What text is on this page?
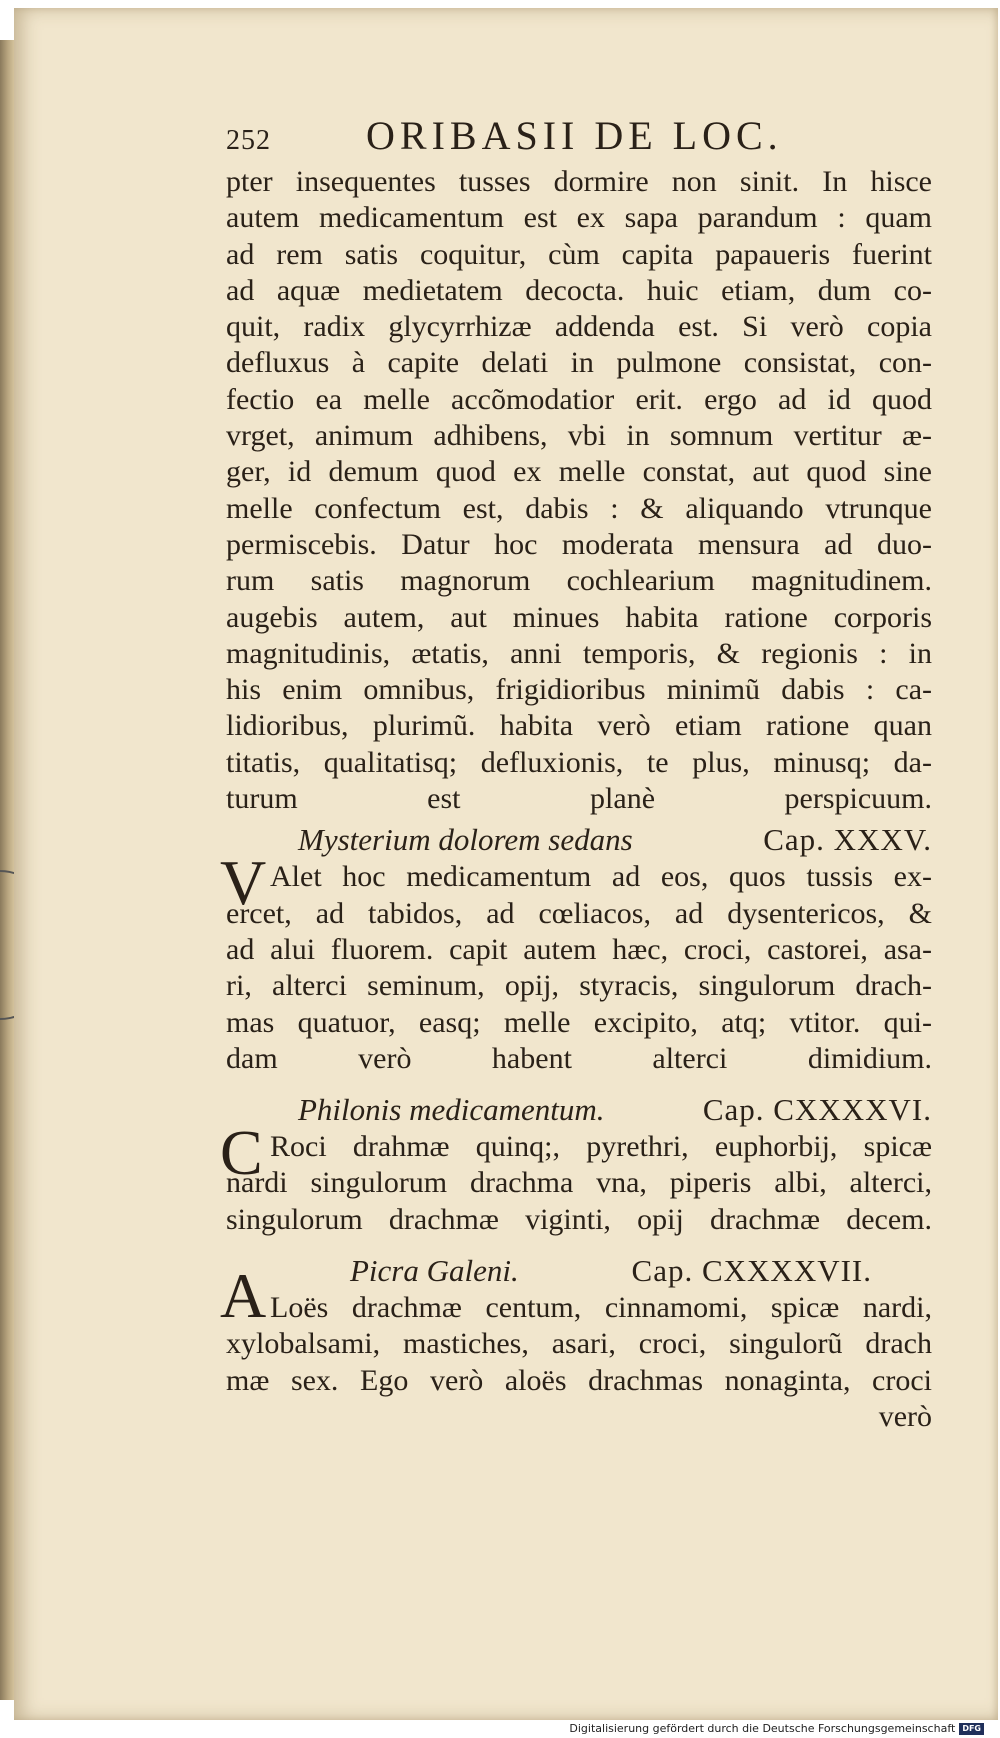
252	ORIBASII DE LOC.
pter insequentes tusses dormire non sinit. In hisce
autem medicamentum est ex sapa parandum : quam
ad rem satis coquitur, cùm capita papaueris fuerint
ad aquæ medietatem decocta. huic etiam, dum co-
quit, radix glycyrrhizæ addenda est. Si verò copia
defluxus à capite delati in pulmone consistat, con-
fectio ea melle accõmodatior erit. ergo ad id quod
vrget, animum adhibens, vbi in somnum vertitur æ-
ger, id demum quod ex melle constat, aut quod sine
melle confectum est, dabis : & aliquando vtrunque
permiscebis. Datur hoc moderata mensura ad duo-
rum satis magnorum cochlearium magnitudinem.
augebis autem, aut minues habita ratione corporis
magnitudinis, ætatis, anni temporis, & regionis : in
his enim omnibus, frigidioribus minimũ dabis : ca-
lidioribus, plurimũ. habita verò etiam ratione quan
titatis, qualitatisq; defluxionis, te plus, minusq; da-
turum est planè perspicuum.
Mysterium dolorem sedans	Cap. XXXV.
V Alet hoc medicamentum ad eos, quos tussis ex-
ercet, ad tabidos, ad cœliacos, ad dysentericos, &
ad alui fluorem. capit autem hæc, croci, castorei, asa-
ri, alterci seminum, opij, styracis, singulorum drach-
mas quatuor, easq; melle excipito, atq; vtitor. qui-
dam verò habent alterci dimidium.
Philonis medicamentum.	Cap. CXXXXVI.
C Roci drahmæ quinq;, pyrethri, euphorbij, spicæ
nardi singulorum drachma vna, piperis albi, alterci,
singulorum drachmæ viginti, opij drachmæ decem.
Picra Galeni.	Cap. CXXXXVII.
A Loës drachmæ centum, cinnamomi, spicæ nardi,
xylobalsami, mastiches, asari, croci, singulorũ drach
mæ sex. Ego verò aloës drachmas nonaginta, croci
verò
Digitalisierung gefördert durch die Deutsche Forschungsgemeinschaft DFG
